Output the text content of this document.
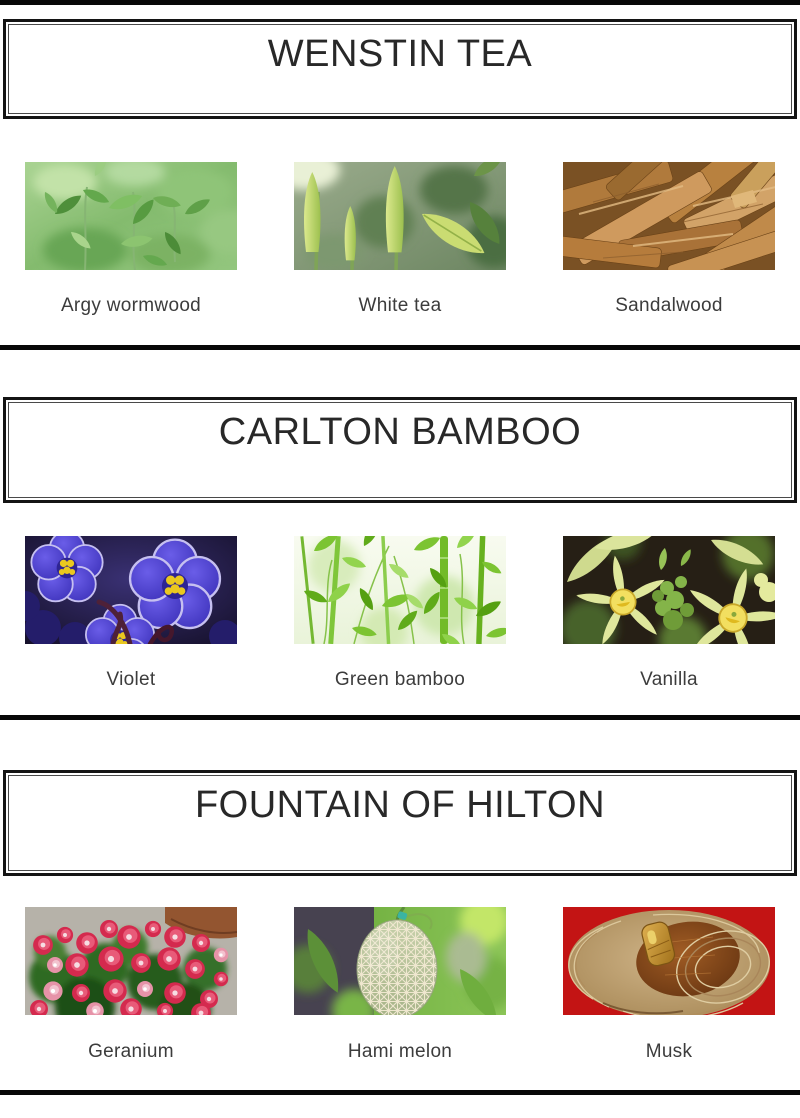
WENSTIN TEA
Argy wormwood	White tea	Sandalwood
CARLTON BAMBOO
Violet	Green bamboo	Vanilla
FOUNTAIN OF HILTON
Geranium	Hami melon	Musk
